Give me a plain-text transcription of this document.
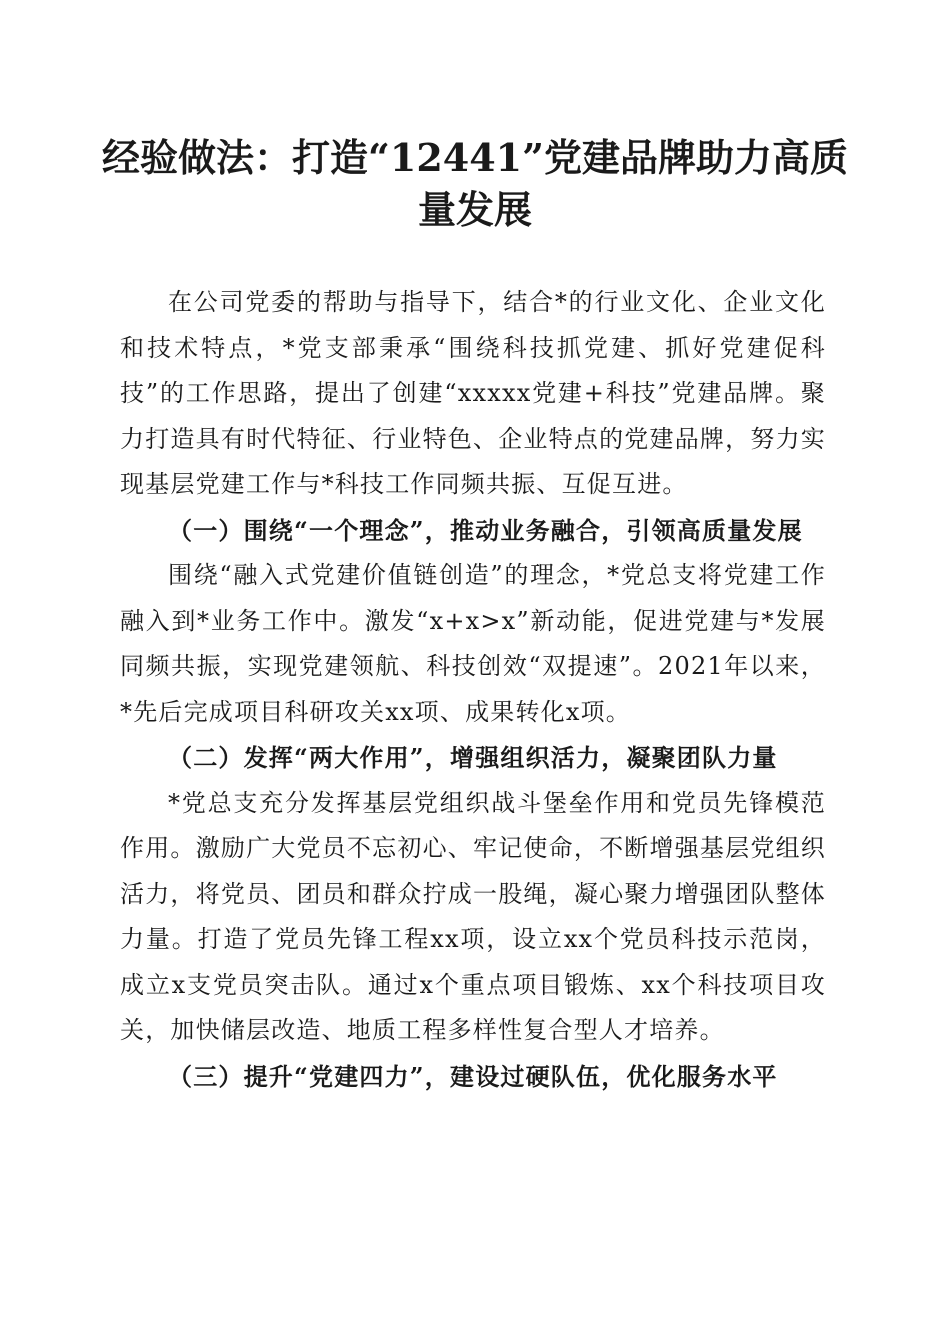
经验做法：打造“12441”党建品牌助力高质量发展

在公司党委的帮助与指导下，结合*的行业文化、企业文化和技术特点，*党支部秉承“围绕科技抓党建、抓好党建促科技”的工作思路，提出了创建“xxxxx党建+科技”党建品牌。聚力打造具有时代特征、行业特色、企业特点的党建品牌，努力实现基层党建工作与*科技工作同频共振、互促互进。

（一）围绕“一个理念”，推动业务融合，引领高质量发展

围绕“融入式党建价值链创造”的理念，*党总支将党建工作融入到*业务工作中。激发“x+x>x”新动能，促进党建与*发展同频共振，实现党建领航、科技创效“双提速”。2021年以来，*先后完成项目科研攻关xx项、成果转化x项。

（二）发挥“两大作用”，增强组织活力，凝聚团队力量

*党总支充分发挥基层党组织战斗堡垒作用和党员先锋模范作用。激励广大党员不忘初心、牢记使命，不断增强基层党组织活力，将党员、团员和群众拧成一股绳，凝心聚力增强团队整体力量。打造了党员先锋工程xx项，设立xx个党员科技示范岗，成立x支党员突击队。通过x个重点项目锻炼、xx个科技项目攻关，加快储层改造、地质工程多样性复合型人才培养。

（三）提升“党建四力”，建设过硬队伍，优化服务水平
